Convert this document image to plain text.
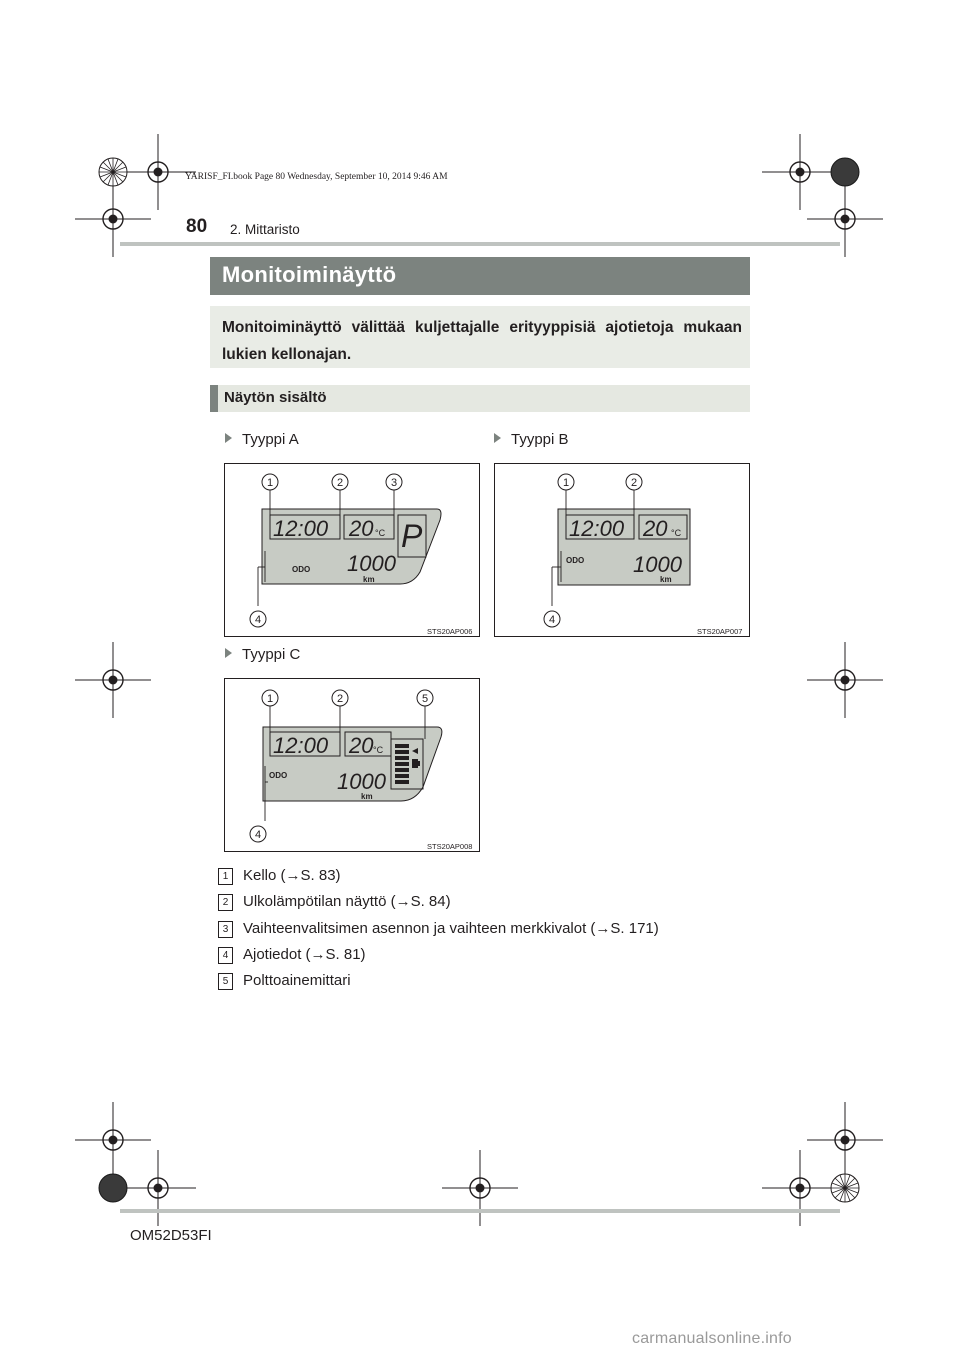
YARISF_FI.book Page 80 Wednesday, September 10, 2014 9:46 AM
80 2. Mittaristo
Monitoiminäyttö
Monitoiminäyttö välittää kuljettajalle erityyppisiä ajotietoja mukaan lukien kellonajan.
Näytön sisältö
Tyyppi A	Tyyppi B
Tyyppi C
12:00 20 °C P
ODO 1000
km
1	2	3
4
STS20AP006
12:00 20 °C
ODO 1000
km
1	2
4
STS20AP007
12:00 20 °C
ODO 1000
km
1	2	5
4
STS20AP008
1 Kello (→S. 83)
2 Ulkolämpötilan näyttö (→S. 84)
3 Vaihteenvalitsimen asennon ja vaihteen merkkivalot (→S. 171)
4 Ajotiedot (→S. 81)
5 Polttoainemittari
OM52D53FI
carmanualsonline.info
